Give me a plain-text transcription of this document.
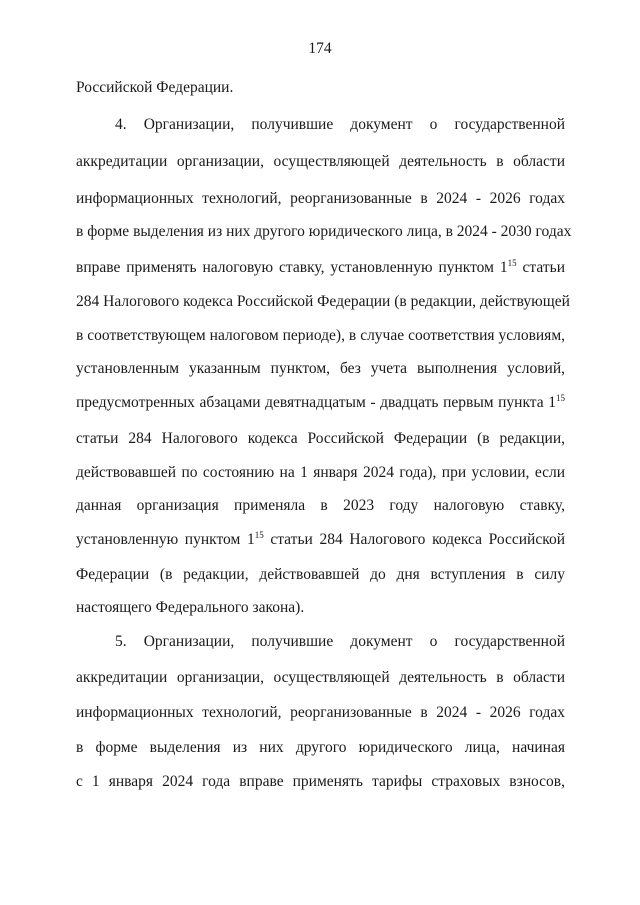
174
Российской Федерации.
4. Организации, получившие документ о государственной
аккредитации организации, осуществляющей деятельность в области
информационных технологий, реорганизованные в 2024 - 2026 годах
в форме выделения из них другого юридического лица, в 2024 - 2030 годах
вправе применять налоговую ставку, установленную пунктом $1^{15}$ статьи
284 Налогового кодекса Российской Федерации (в редакции, действующей
в соответствующем налоговом периоде), в случае соответствия условиям,
установленным указанным пунктом, без учета выполнения условий,
предусмотренных абзацами девятнадцатым - двадцать первым пункта $1^{15}$
статьи 284 Налогового кодекса Российской Федерации (в редакции,
действовавшей по состоянию на 1 января 2024 года), при условии, если
данная организация применяла в 2023 году налоговую ставку,
установленную пунктом $1^{15}$ статьи 284 Налогового кодекса Российской
Федерации (в редакции, действовавшей до дня вступления в силу
настоящего Федерального закона).
5. Организации, получившие документ о государственной
аккредитации организации, осуществляющей деятельность в области
информационных технологий, реорганизованные в 2024 - 2026 годах
в форме выделения из них другого юридического лица, начиная
с 1 января 2024 года вправе применять тарифы страховых взносов,
